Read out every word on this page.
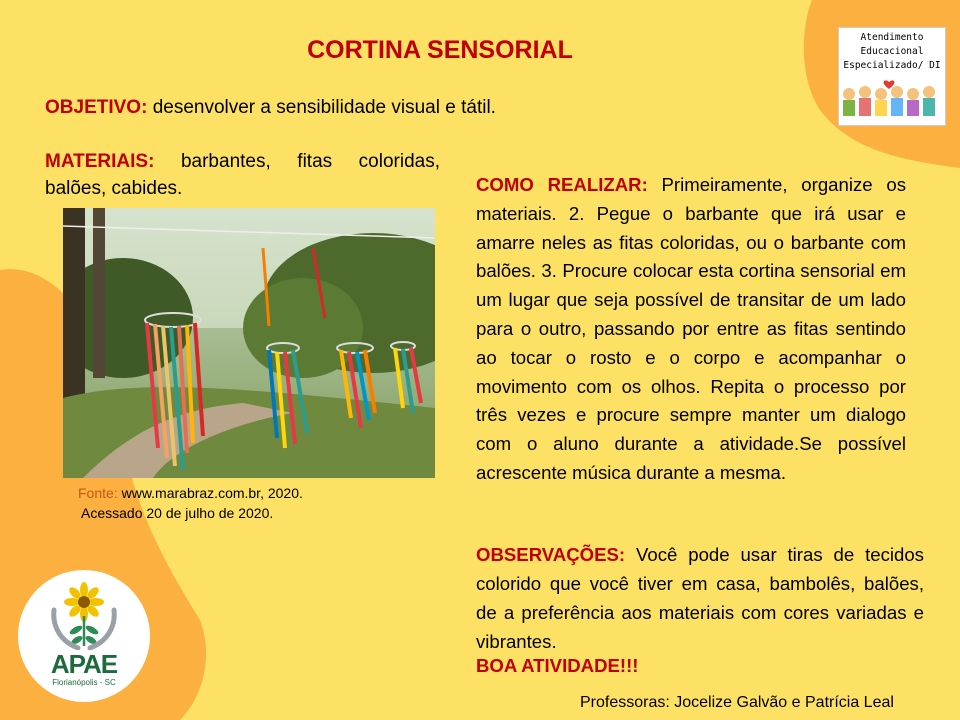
CORTINA SENSORIAL
OBJETIVO: desenvolver a sensibilidade visual e tátil.
MATERIAIS: barbantes, fitas coloridas, balões, cabides.
Fonte: www.marabraz.com.br, 2020.
Acessado 20 de julho de 2020.
COMO REALIZAR: Primeiramente, organize os materiais. 2. Pegue o barbante que irá usar e amarre neles as fitas coloridas, ou o barbante com balões. 3. Procure colocar esta cortina sensorial em um lugar que seja possível de transitar de um lado para o outro, passando por entre as fitas sentindo ao tocar o rosto e o corpo e acompanhar o movimento com os olhos. Repita o processo por três vezes e procure sempre manter um dialogo com o aluno durante a atividade.Se possível acrescente música durante a mesma.
OBSERVAÇÕES: Você pode usar tiras de tecidos colorido que você tiver em casa, bambolês, balões, de a preferência aos materiais com cores variadas e vibrantes.
BOA ATIVIDADE!!!
Professoras: Jocelize Galvão e Patrícia Leal
Atendimento
Educacional
Especializado/ DI
APAE
Florianópolis - SC
